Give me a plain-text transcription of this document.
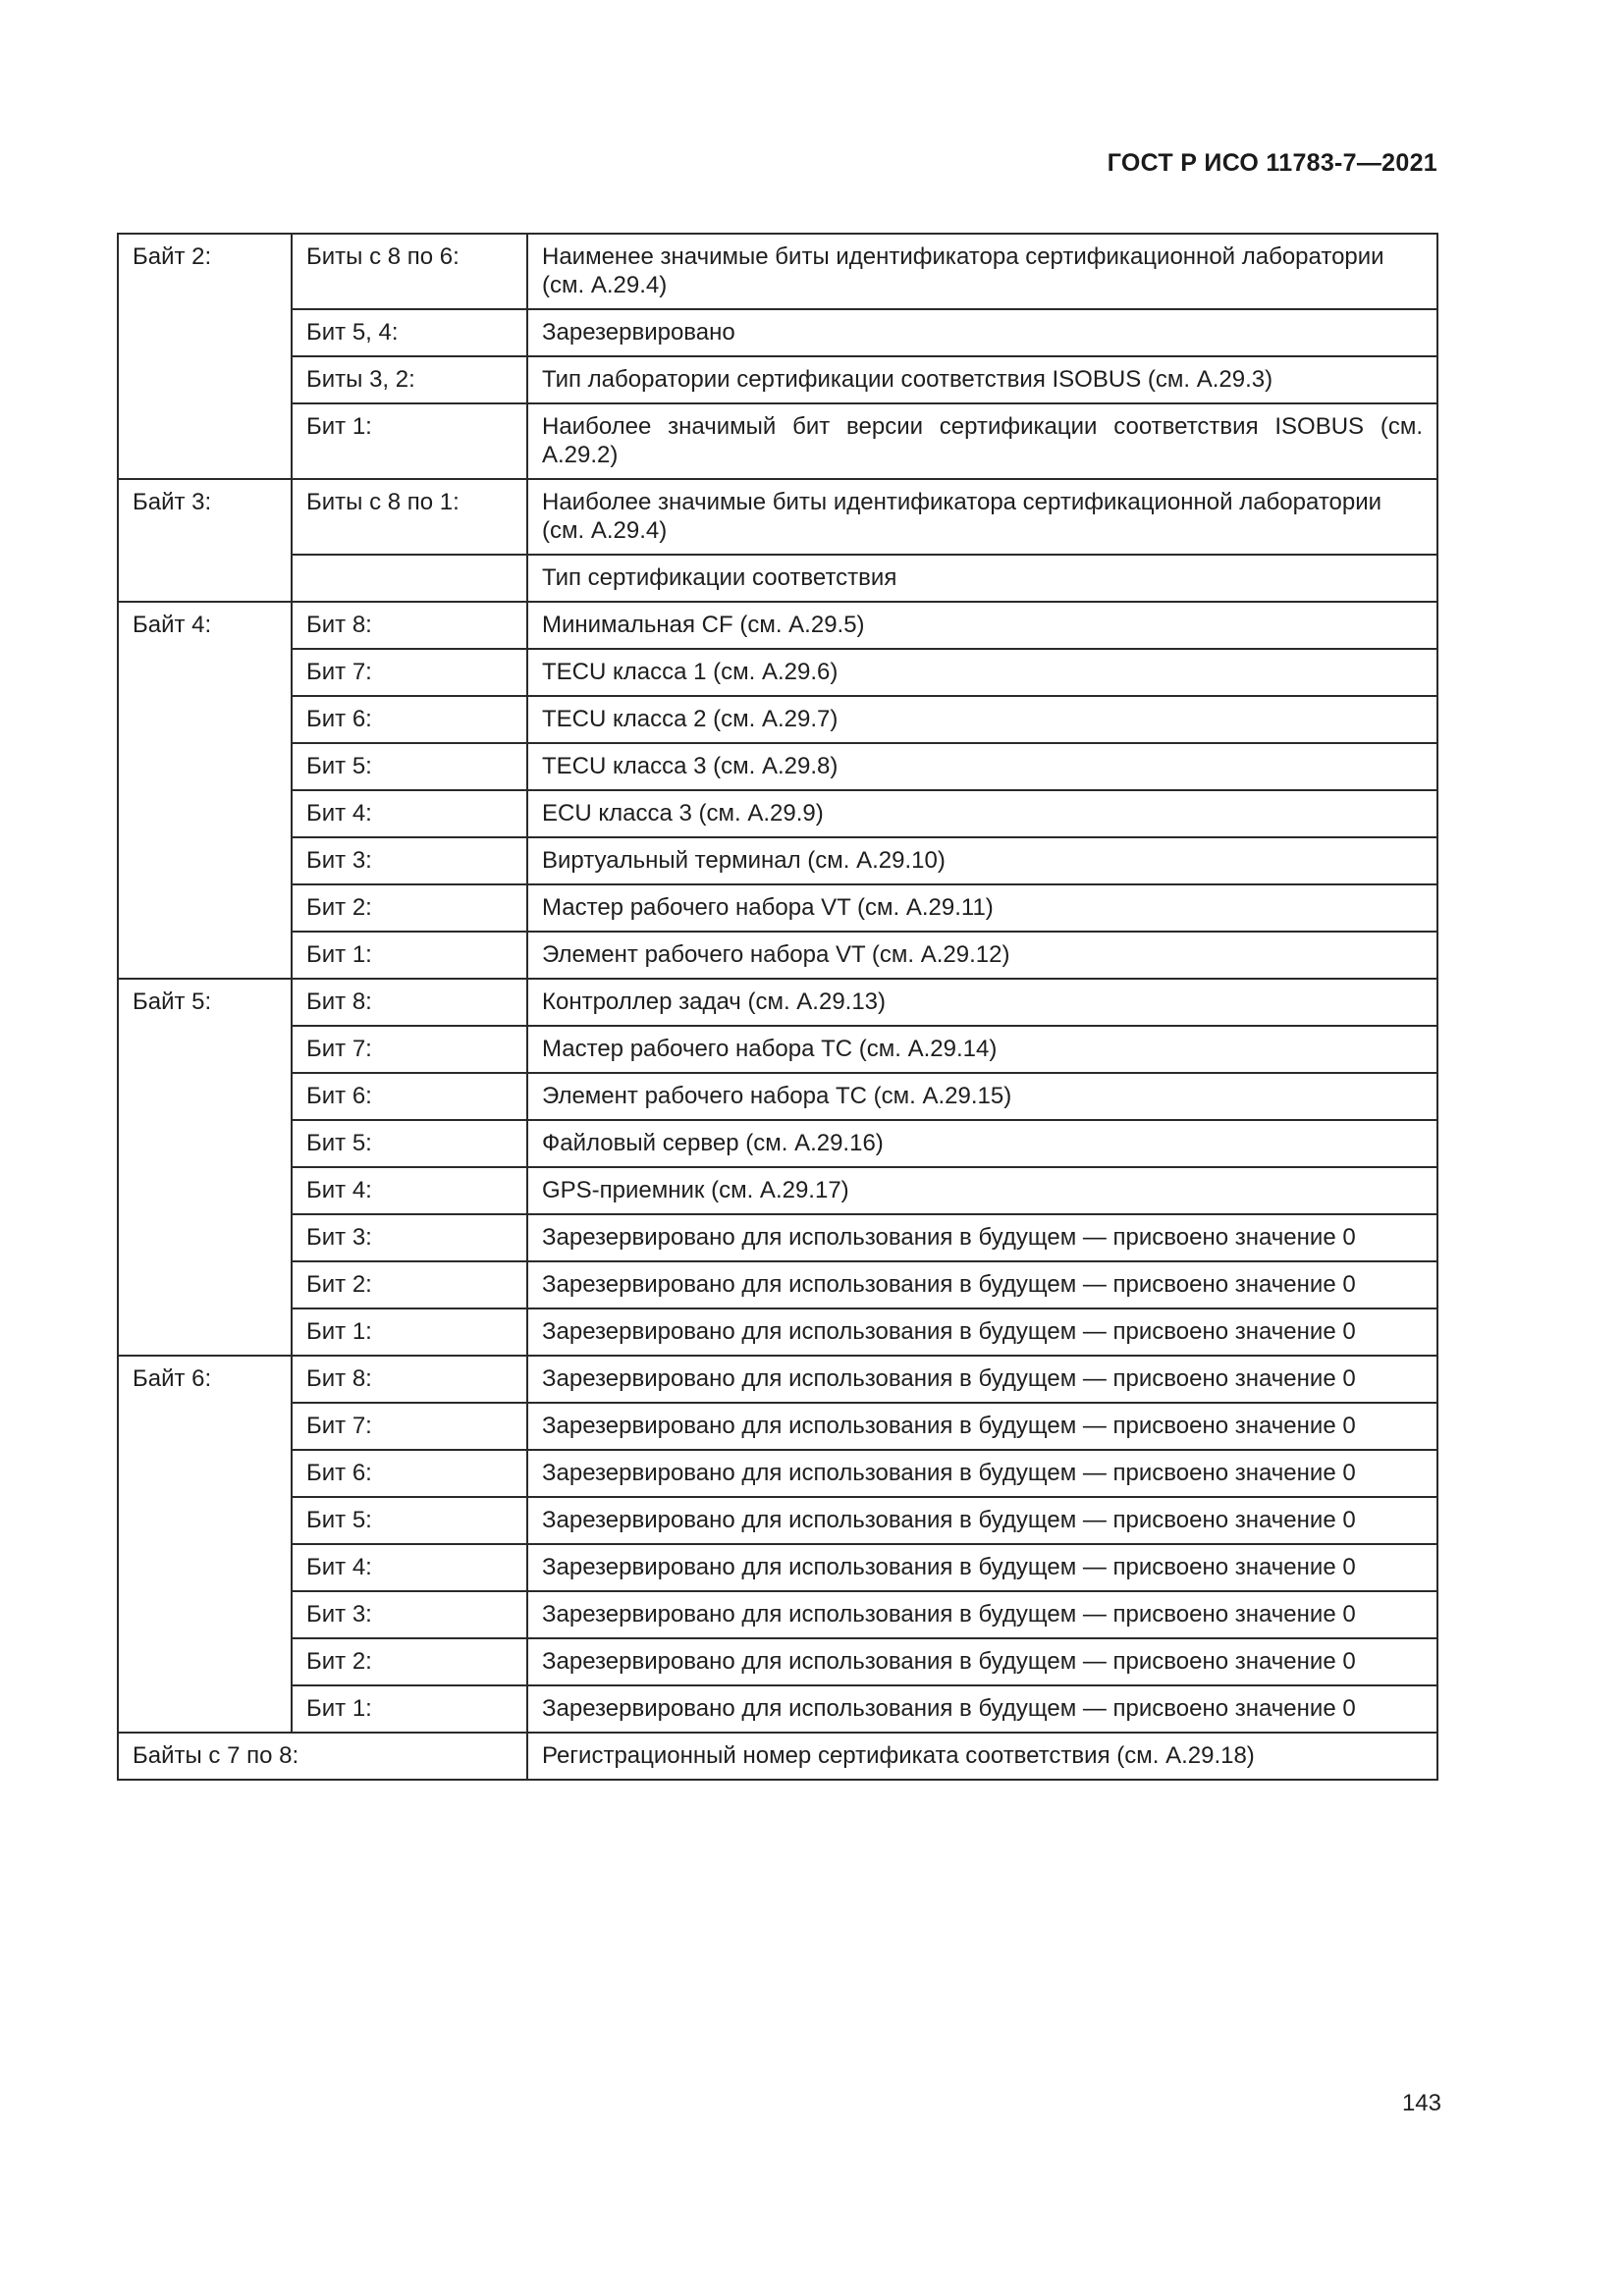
ГОСТ Р ИСО 11783-7—2021
Байт 2:	Биты с 8 по 6:	Наименее значимые биты идентификатора сертификационной лаборатории (см. А.29.4)
	Бит 5, 4:	Зарезервировано
	Биты 3, 2:	Тип лаборатории сертификации соответствия ISOBUS (см. А.29.3)
	Бит 1:	Наиболее значимый бит версии сертификации соответствия ISOBUS (см. А.29.2)
Байт 3:	Биты с 8 по 1:	Наиболее значимые биты идентификатора сертификационной лаборатории (см. А.29.4)
		Тип сертификации соответствия
Байт 4:	Бит 8:	Минимальная CF (см. А.29.5)
	Бит 7:	TECU класса 1 (см. А.29.6)
	Бит 6:	TECU класса 2 (см. А.29.7)
	Бит 5:	TECU класса 3 (см. А.29.8)
	Бит 4:	ECU класса 3 (см. А.29.9)
	Бит 3:	Виртуальный терминал (см. А.29.10)
	Бит 2:	Мастер рабочего набора VT (см. А.29.11)
	Бит 1:	Элемент рабочего набора VT (см. А.29.12)
Байт 5:	Бит 8:	Контроллер задач (см. А.29.13)
	Бит 7:	Мастер рабочего набора TC (см. А.29.14)
	Бит 6:	Элемент рабочего набора TC (см. А.29.15)
	Бит 5:	Файловый сервер (см. А.29.16)
	Бит 4:	GPS-приемник (см. А.29.17)
	Бит 3:	Зарезервировано для использования в будущем — присвоено значение 0
	Бит 2:	Зарезервировано для использования в будущем — присвоено значение 0
	Бит 1:	Зарезервировано для использования в будущем — присвоено значение 0
Байт 6:	Бит 8:	Зарезервировано для использования в будущем — присвоено значение 0
	Бит 7:	Зарезервировано для использования в будущем — присвоено значение 0
	Бит 6:	Зарезервировано для использования в будущем — присвоено значение 0
	Бит 5:	Зарезервировано для использования в будущем — присвоено значение 0
	Бит 4:	Зарезервировано для использования в будущем — присвоено значение 0
	Бит 3:	Зарезервировано для использования в будущем — присвоено значение 0
	Бит 2:	Зарезервировано для использования в будущем — присвоено значение 0
	Бит 1:	Зарезервировано для использования в будущем — присвоено значение 0
Байты с 7 по 8:		Регистрационный номер сертификата соответствия (см. А.29.18)
143
